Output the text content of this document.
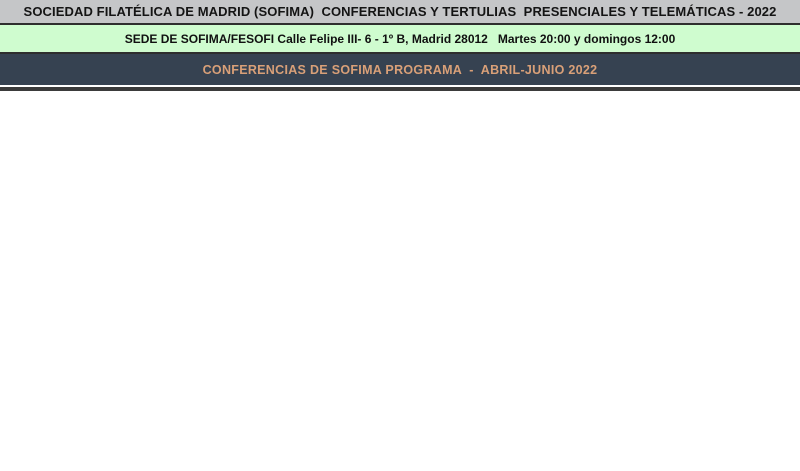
SOCIEDAD FILATÉLICA DE MADRID (SOFIMA)  CONFERENCIAS Y TERTULIAS  PRESENCIALES Y TELEMÁTICAS - 2022
SEDE DE SOFIMA/FESOFI Calle Felipe III- 6 - 1º B, Madrid 28012   Martes 20:00 y domingos 12:00
CONFERENCIAS DE SOFIMA PROGRAMA  -  ABRIL-JUNIO 2022
